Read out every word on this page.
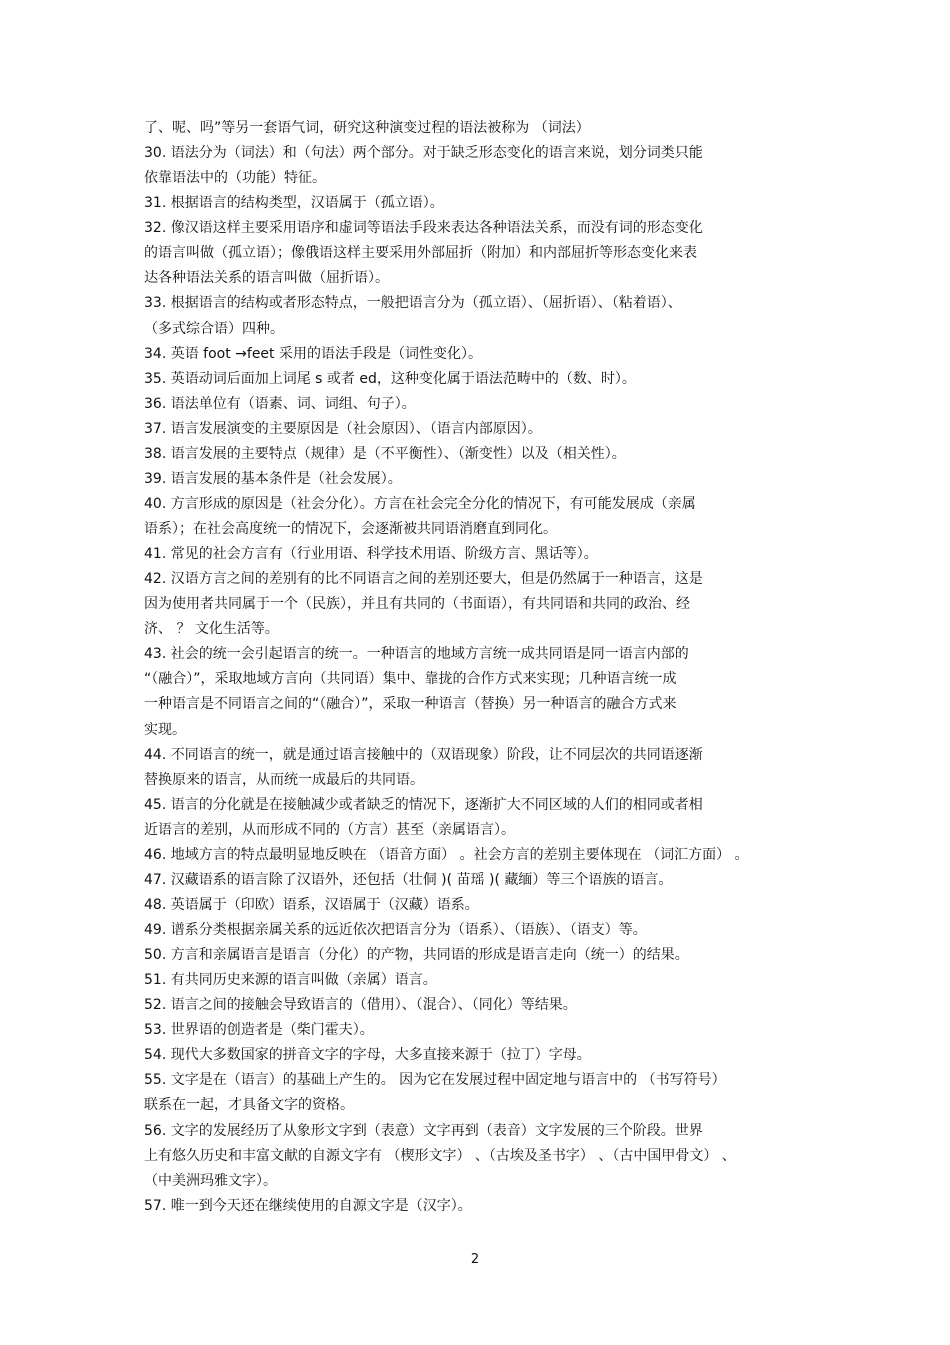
了、呢、吗”等另一套语气词，研究这种演变过程的语法被称为 （词法）
30. 语法分为（词法）和（句法）两个部分。对于缺乏形态变化的语言来说，划分词类只能
依靠语法中的（功能）特征。
31. 根据语言的结构类型，汉语属于（孤立语）。
32. 像汉语这样主要采用语序和虚词等语法手段来表达各种语法关系，而没有词的形态变化
的语言叫做（孤立语）；像俄语这样主要采用外部屈折（附加）和内部屈折等形态变化来表
达各种语法关系的语言叫做（屈折语）。
33. 根据语言的结构或者形态特点，一般把语言分为（孤立语）、（屈折语）、（粘着语）、
（多式综合语）四种。
34. 英语 foot →feet 采用的语法手段是（词性变化）。
35. 英语动词后面加上词尾 s 或者 ed，这种变化属于语法范畴中的（数、时）。
36. 语法单位有（语素、词、词组、句子）。
37. 语言发展演变的主要原因是（社会原因）、（语言内部原因）。
38. 语言发展的主要特点（规律）是（不平衡性）、（渐变性）以及（相关性）。
39. 语言发展的基本条件是（社会发展）。
40. 方言形成的原因是（社会分化）。方言在社会完全分化的情况下，有可能发展成（亲属
语系）；在社会高度统一的情况下，会逐渐被共同语消磨直到同化。
41. 常见的社会方言有（行业用语、科学技术用语、阶级方言、黑话等）。
42. 汉语方言之间的差别有的比不同语言之间的差别还要大，但是仍然属于一种语言，这是
因为使用者共同属于一个（民族），并且有共同的（书面语），有共同语和共同的政治、经
济、 ？ 文化生活等。
43. 社会的统一会引起语言的统一。一种语言的地域方言统一成共同语是同一语言内部的
“（融合）”，采取地域方言向（共同语）集中、靠拢的合作方式来实现；几种语言统一成
一种语言是不同语言之间的“（融合）”，采取一种语言（替换）另一种语言的融合方式来
实现。
44. 不同语言的统一，就是通过语言接触中的（双语现象）阶段，让不同层次的共同语逐渐
替换原来的语言，从而统一成最后的共同语。
45. 语言的分化就是在接触减少或者缺乏的情况下，逐渐扩大不同区域的人们的相同或者相
近语言的差别，从而形成不同的（方言）甚至（亲属语言）。
46. 地域方言的特点最明显地反映在 （语音方面） 。社会方言的差别主要体现在 （词汇方面） 。
47. 汉藏语系的语言除了汉语外，还包括（壮侗 )( 苗瑶 )( 藏缅）等三个语族的语言。
48. 英语属于（印欧）语系，汉语属于（汉藏）语系。
49. 谱系分类根据亲属关系的远近依次把语言分为（语系）、（语族）、（语支）等。
50. 方言和亲属语言是语言（分化）的产物，共同语的形成是语言走向（统一）的结果。
51. 有共同历史来源的语言叫做（亲属）语言。
52. 语言之间的接触会导致语言的（借用）、（混合）、（同化）等结果。
53. 世界语的创造者是（柴门霍夫）。
54. 现代大多数国家的拼音文字的字母，大多直接来源于（拉丁）字母。
55. 文字是在（语言）的基础上产生的。 因为它在发展过程中固定地与语言中的 （书写符号）
联系在一起，才具备文字的资格。
56. 文字的发展经历了从象形文字到（表意）文字再到（表音）文字发展的三个阶段。世界
上有悠久历史和丰富文献的自源文字有 （楔形文字） 、（古埃及圣书字） 、（古中国甲骨文） 、
（中美洲玛雅文字）。
57. 唯一到今天还在继续使用的自源文字是（汉字）。
2
